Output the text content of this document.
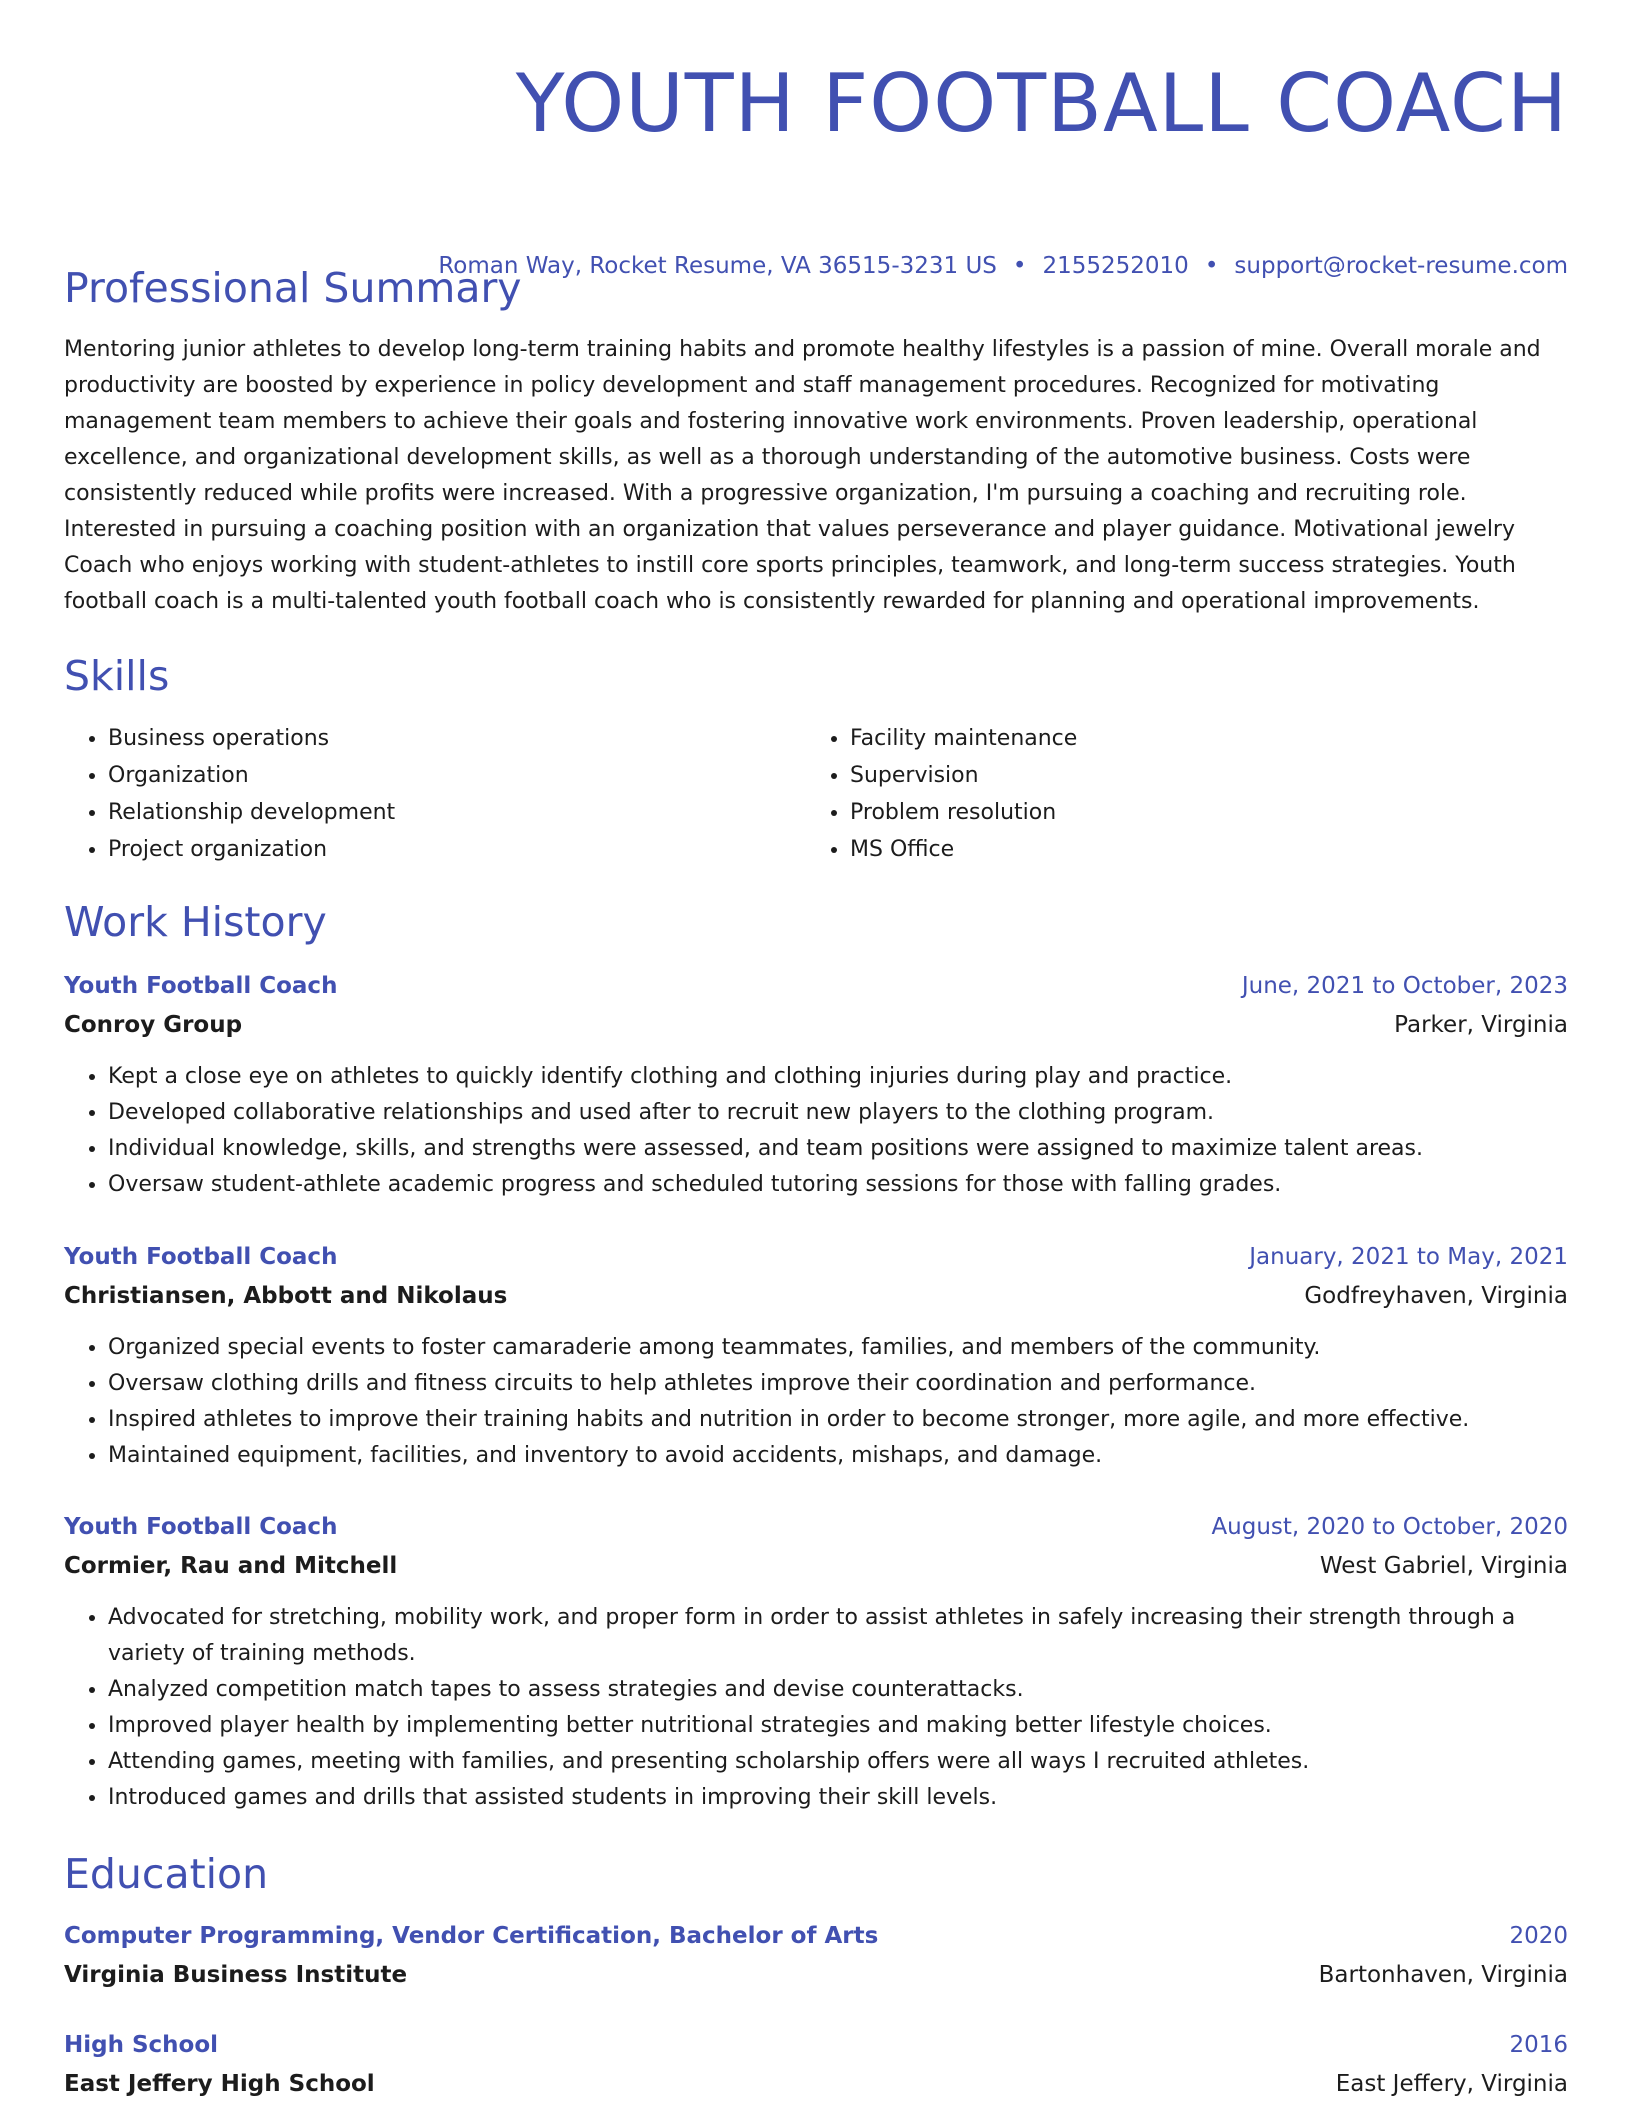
YOUTH FOOTBALL COACH
Roman Way, Rocket Resume, VA 36515-3231 US • 2155252010 • support@rocket-resume.com
Professional Summary

Mentoring junior athletes to develop long-term training habits and promote healthy lifestyles is a passion of mine. Overall morale and productivity are boosted by experience in policy development and staff management procedures. Recognized for motivating management team members to achieve their goals and fostering innovative work environments. Proven leadership, operational excellence, and organizational development skills, as well as a thorough understanding of the automotive business. Costs were consistently reduced while profits were increased. With a progressive organization, I'm pursuing a coaching and recruiting role. Interested in pursuing a coaching position with an organization that values perseverance and player guidance. Motivational jewelry Coach who enjoys working with student-athletes to instill core sports principles, teamwork, and long-term success strategies. Youth football coach is a multi-talented youth football coach who is consistently rewarded for planning and operational improvements.

Skills
• Business operations
• Organization
• Relationship development
• Project organization
• Facility maintenance
• Supervision
• Problem resolution
• MS Office
Work History
Youth Football Coach	June, 2021 to October, 2023
Conroy Group	Parker, Virginia
• Kept a close eye on athletes to quickly identify clothing and clothing injuries during play and practice.
• Developed collaborative relationships and used after to recruit new players to the clothing program.
• Individual knowledge, skills, and strengths were assessed, and team positions were assigned to maximize talent areas.
• Oversaw student-athlete academic progress and scheduled tutoring sessions for those with falling grades.
Youth Football Coach	January, 2021 to May, 2021
Christiansen, Abbott and Nikolaus	Godfreyhaven, Virginia
• Organized special events to foster camaraderie among teammates, families, and members of the community.
• Oversaw clothing drills and fitness circuits to help athletes improve their coordination and performance.
• Inspired athletes to improve their training habits and nutrition in order to become stronger, more agile, and more effective.
• Maintained equipment, facilities, and inventory to avoid accidents, mishaps, and damage.
Youth Football Coach	August, 2020 to October, 2020
Cormier, Rau and Mitchell	West Gabriel, Virginia
• Advocated for stretching, mobility work, and proper form in order to assist athletes in safely increasing their strength through a variety of training methods.
• Analyzed competition match tapes to assess strategies and devise counterattacks.
• Improved player health by implementing better nutritional strategies and making better lifestyle choices.
• Attending games, meeting with families, and presenting scholarship offers were all ways I recruited athletes.
• Introduced games and drills that assisted students in improving their skill levels.
Education
Computer Programming, Vendor Certification, Bachelor of Arts	2020
Virginia Business Institute	Bartonhaven, Virginia
High School	2016
East Jeffery High School	East Jeffery, Virginia
